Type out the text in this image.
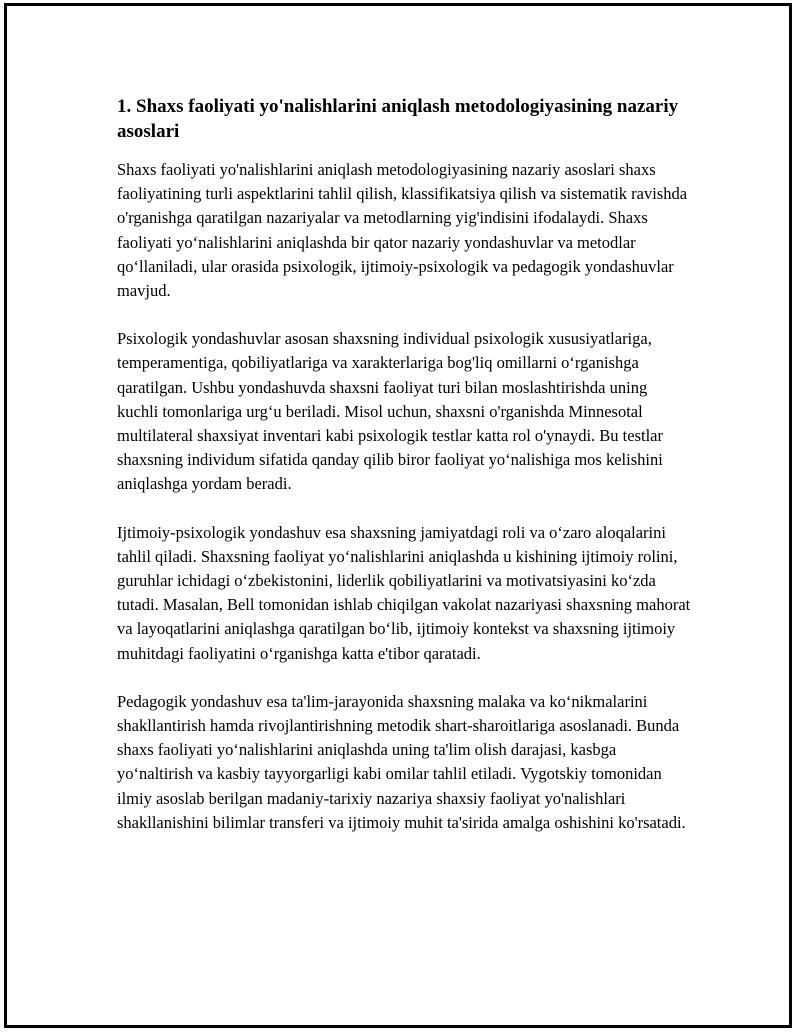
1. Shaxs faoliyati yo'nalishlarini aniqlash metodologiyasining nazariy asoslari

Shaxs faoliyati yo'nalishlarini aniqlash metodologiyasining nazariy asoslari shaxs faoliyatining turli aspektlarini tahlil qilish, klassifikatsiya qilish va sistematik ravishda o'rganishga qaratilgan nazariyalar va metodlarning yig'indisini ifodalaydi. Shaxs faoliyati yo‘nalishlarini aniqlashda bir qator nazariy yondashuvlar va metodlar qo‘llaniladi, ular orasida psixologik, ijtimoiy-psixologik va pedagogik yondashuvlar mavjud.

Psixologik yondashuvlar asosan shaxsning individual psixologik xususiyatlariga, temperamentiga, qobiliyatlariga va xarakterlariga bog'liq omillarni o‘rganishga qaratilgan. Ushbu yondashuvda shaxsni faoliyat turi bilan moslashtirishda uning kuchli tomonlariga urg‘u beriladi. Misol uchun, shaxsni o'rganishda Minnesotal multilateral shaxsiyat inventari kabi psixologik testlar katta rol o'ynaydi. Bu testlar shaxsning individum sifatida qanday qilib biror faoliyat yo‘nalishiga mos kelishini aniqlashga yordam beradi.

Ijtimoiy-psixologik yondashuv esa shaxsning jamiyatdagi roli va o‘zaro aloqalarini tahlil qiladi. Shaxsning faoliyat yo‘nalishlarini aniqlashda u kishining ijtimoiy rolini, guruhlar ichidagi o‘zbekistonini, liderlik qobiliyatlarini va motivatsiyasini ko‘zda tutadi. Masalan, Bell tomonidan ishlab chiqilgan vakolat nazariyasi shaxsning mahorat va layoqatlarini aniqlashga qaratilgan bo‘lib, ijtimoiy kontekst va shaxsning ijtimoiy muhitdagi faoliyatini o‘rganishga katta e'tibor qaratadi.

Pedagogik yondashuv esa ta'lim-jarayonida shaxsning malaka va ko‘nikmalarini shakllantirish hamda rivojlantirishning metodik shart-sharoitlariga asoslanadi. Bunda shaxs faoliyati yo‘nalishlarini aniqlashda uning ta'lim olish darajasi, kasbga yo‘naltirish va kasbiy tayyorgarligi kabi omilar tahlil etiladi. Vygotskiy tomonidan ilmiy asoslab berilgan madaniy-tarixiy nazariya shaxsiy faoliyat yo'nalishlari shakllanishini bilimlar transferi va ijtimoiy muhit ta'sirida amalga oshishini ko'rsatadi.
